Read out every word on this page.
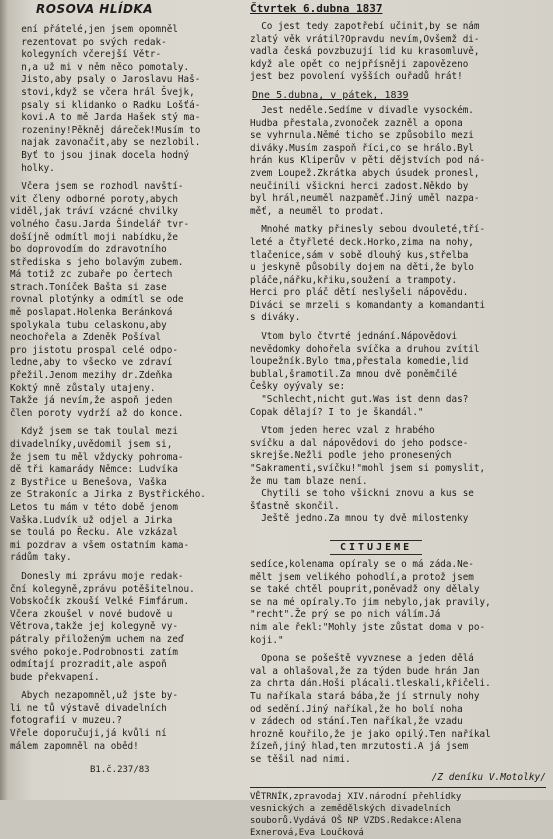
ROSOVA HLÍDKA
ení přátelé,jen jsem opomněl
rezentovat po svých redak-
kolegyních včerejší Větr-
n,a už mi v něm něco pomotaly.
Jisto,aby psaly o Jaroslavu Haš-
stovi,když se včera hrál Švejk,
psaly si klidanko o Radku Lošťá-
kovi.A to mě Jarda Hašek stý ma-
rozeniny!Pěkněj dáreček!Musím to
najak zavonačit,aby se nezlobil.
Byť to jsou jinak docela hodný
holky.
Včera jsem se rozhodl navští-
vit členy odborné poroty,abych
viděl,jak tráví vzácné chvilky
volného času.Jarda Šindelář tvr-
došíjně odmítl moji nabídku,že
bo doprovodím do zdravotního
střediska s jeho bolavým zubem.
Má totiž zc zubaře po čertech
strach.Toníček Bašta si zase
rovnal plotýnky a odmítl se ode
mě poslapat.Holenka Beránková
spolykala tubu celaskonu,aby
neochořela a Zdeněk Pošíval
pro jistotu prospal celé odpo-
ledne,aby to všecko ve zdraví
přežil.Jenom mezihy dr.Zdeňka
Koktý mně zůstaly utajeny.
Takže já nevím,že aspoň jeden
člen poroty vydrží až do konce.
Když jsem se tak toulal mezi
divadelníky,uvědomil jsem si,
že jsem tu měl vždycky pohroma-
dě tři kamarády Němce: Ludvíka
z Bystřice u Benešova, Vaška
ze Strakoníc a Jirka z Bystřického.
Letos tu mám v této době jenom
Vaška.Ludvík už odjel a Jirka
se toulá po Řecku. Ale vzkázal
mi pozdrav a všem ostatním kama-
rádům taky.
Donesly mi zprávu moje redak-
ční kolegyně,zprávu potěšitelnou.
Vobskočík zkouší Velké Fimfárum.
Včera zkoušel v nové budově u
Větrova,takže jej kolegyně vy-
pátraly přiloženým uchem na zeď
svého pokoje.Podrobnosti zatím
odmítají prozradit,ale aspoň
bude překvapení.
Abych nezapomněl,už jste by-
li ne tů výstavě divadelních
fotografií v muzeu.?
Vřele doporučuji,já kvůli ní
málem zapomněl na oběd!
B1.č.237/83
Čtvrtek 6.dubna 1837
Co jest tedy zapotřebí učinit,by se nám
zlatý věk vrátil?Opravdu nevím,Ovšemž di-
vadla česká povzbuzují lid ku krasomluvě,
když ale opět co nejpřísněji zapovězeno
jest bez povolení vyšších ouřadů hrát!
Dne 5.dubna, v pátek, 1839
Jest neděle.Sedíme v divadle vysockém.
Hudba přestala,zvonoček zazněl a opona
se vyhrnula.Němé ticho se způsobilo mezi
diváky.Musím zaspoň říci,co se hrálo.Byl
hrán kus Kliperův v pěti dějstvích pod ná-
zvem Loupež.Zkrátka abych úsudek pronesl,
neučinili všickni herci zadost.Někdo by
byl hrál,neuměl nazpaměť.Jiný uměl nazpa-
měť, a neuměl to prodat.
Mnohé matky přinesly sebou dvouleté,tří-
leté a čtyřleté deck.Horko,zima na nohy,
tlačenice,sám v sobě dlouhý kus,střelba
u jeskyně působily dojem na děti,že bylo
pláče,nářku,křiku,soužení a trampoty.
Herci pro pláč dětí neslyšeli nápovědu.
Diváci se mrzeli s komandanty a komandanti
s diváky.
Vtom bylo čtvrté jednání.Nápovědovi
nevědomky dohořela svíčka a druhou zvítil
loupežník.Bylo tma,přestala komedie,lid
bublal,šramotil.Za mnou dvě poněmčilé
Češky oyývaly se:
"Schlecht,nicht gut.Was ist denn das?
Copak dělají? I to je škandál."
Vtom jeden herec vzal z hrabého
svíčku a dal nápovědovi do jeho podsce-
skrejše.Nežli podle jeho pronesených
"Sakramenti,svíčku!"mohl jsem si pomyslit,
že mu tam blaze není.
Chytili se toho všickni znovu a kus se
šťastně skončil.
Ještě jedno.Za mnou ty dvě milostenky
CITUJEME
sedíce,kolenama opíraly se o má záda.Ne-
mělt jsem velikého pohodlí,a protož jsem
se také chtěl pouprit,poněvadž ony dělaly
se na mé opíraly.To jim nebylo,jak pravily,
"recht".Že prý se po nich válím.Já
nim ale řekl:"Mohly jste zůstat doma v po-
koji."
Opona se pošeště vyvznese a jeden dělá
val a ohlašoval,že za týden bude hrán Jan
za chrta dán.Hoši plácali.tleskali,křičeli.
Tu naříkala stará bába,že jí strnuly nohy
od sedění.Jiný naříkal,že ho bolí noha
v zádech od stání.Ten naříkal,že vzadu
hrozně kouřilo,že je jako opilý.Ten naříkal
žízeň,jiný hlad,ten mrzutosti.A já jsem
se těšil nad nimi.
/Z deníku V.Motolky/
VĚTRNÍK,zpravodaj XIV.národní přehlídky
vesnických a zemědělských divadelních
souborů.Vydává OŠ NP VZDS.Redakce:Alena
Exnerová,Eva Loučková
